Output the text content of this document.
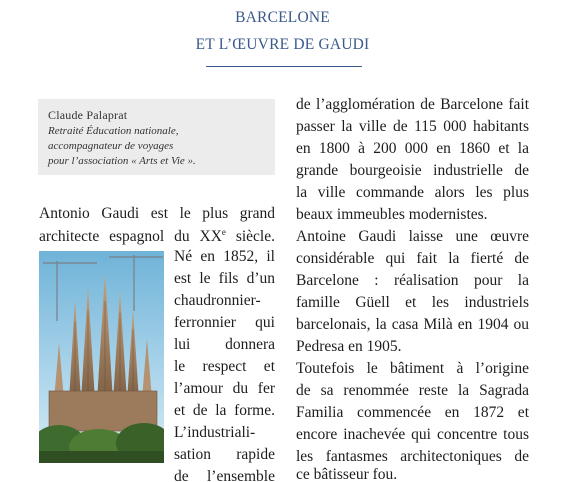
BARCELONE
ET L’ŒUVRE DE GAUDI
Claude Palaprat
Retraité Éducation nationale,
accompagnateur de voyages
pour l’association « Arts et Vie ».
Antonio Gaudi est le plus grand
architecte espagnol du XXe siècle.
Né en 1852, il
est le fils d’un
chaudronnier-
ferronnier qui
lui donnera
le respect et
l’amour du fer
et de la forme.
L’industriali-
sation rapide
de l’ensemble
de l’agglomération de Barcelone fait
passer la ville de 115 000 habitants
en 1800 à 200 000 en 1860 et la
grande bourgeoisie industrielle de
la ville commande alors les plus
beaux immeubles modernistes.
Antoine Gaudi laisse une œuvre
considérable qui fait la fierté de
Barcelone : réalisation pour la
famille Güell et les industriels
barcelonais, la casa Milà en 1904 ou
Pedresa en 1905.
Toutefois le bâtiment à l’origine
de sa renommée reste la Sagrada
Familia commencée en 1872 et
encore inachevée qui concentre tous
les fantasmes architectoniques de
ce bâtisseur fou.
